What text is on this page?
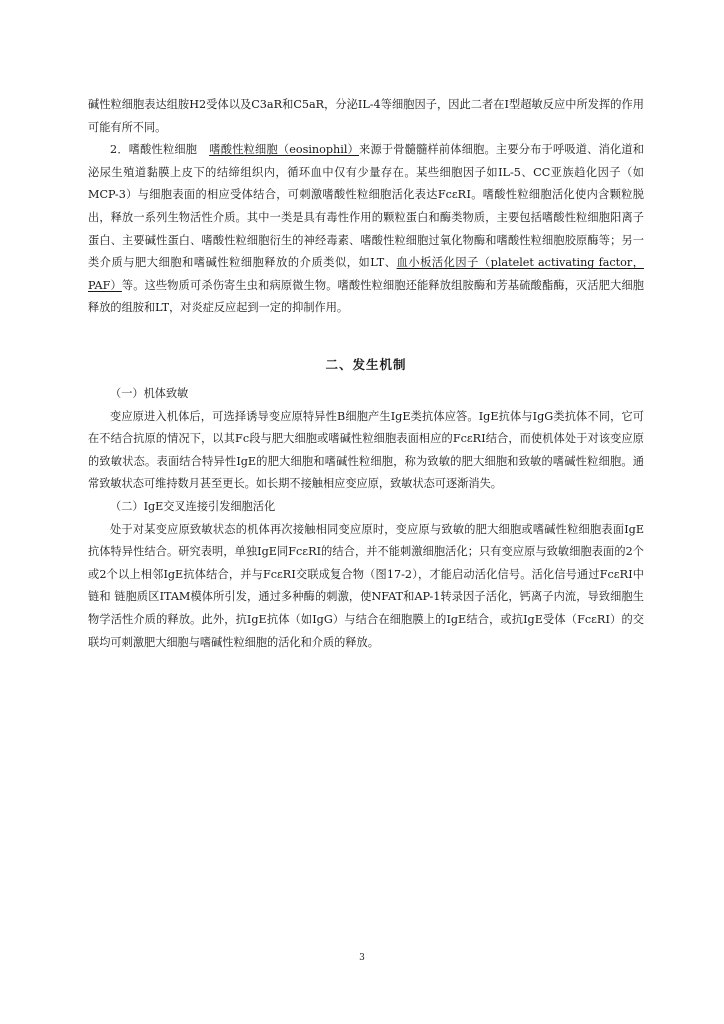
碱性粒细胞表达组胺H2受体以及C3aR和C5aR，分泌IL-4等细胞因子，因此二者在Ⅰ型超敏反应中所发挥的作用可能有所不同。

2．嗜酸性粒细胞 嗜酸性粒细胞（eosinophil）来源于骨髓髓样前体细胞。主要分布于呼吸道、消化道和泌尿生殖道黏膜上皮下的结缔组织内，循环血中仅有少量存在。某些细胞因子如IL-5、CC亚族趋化因子（如MCP-3）与细胞表面的相应受体结合，可刺激嗜酸性粒细胞活化表达FcεRⅠ。嗜酸性粒细胞活化使内含颗粒脱出，释放一系列生物活性介质。其中一类是具有毒性作用的颗粒蛋白和酶类物质，主要包括嗜酸性粒细胞阳离子蛋白、主要碱性蛋白、嗜酸性粒细胞衍生的神经毒素、嗜酸性粒细胞过氧化物酶和嗜酸性粒细胞胶原酶等；另一类介质与肥大细胞和嗜碱性粒细胞释放的介质类似，如LT、血小板活化因子（platelet activating factor，PAF）等。这些物质可杀伤寄生虫和病原微生物。嗜酸性粒细胞还能释放组胺酶和芳基硫酸酯酶，灭活肥大细胞释放的组胺和LT，对炎症反应起到一定的抑制作用。

二、发生机制

（一）机体致敏

变应原进入机体后，可选择诱导变应原特异性B细胞产生IgE类抗体应答。IgE抗体与IgG类抗体不同，它可在不结合抗原的情况下，以其Fc段与肥大细胞或嗜碱性粒细胞表面相应的FcεRⅠ结合，而使机体处于对该变应原的致敏状态。表面结合特异性IgE的肥大细胞和嗜碱性粒细胞，称为致敏的肥大细胞和致敏的嗜碱性粒细胞。通常致敏状态可维持数月甚至更长。如长期不接触相应变应原，致敏状态可逐渐消失。

（二）IgE交叉连接引发细胞活化

处于对某变应原致敏状态的机体再次接触相同变应原时，变应原与致敏的肥大细胞或嗜碱性粒细胞表面IgE抗体特异性结合。研究表明，单独IgE同FcεRⅠ的结合，并不能刺激细胞活化；只有变应原与致敏细胞表面的2个或2个以上相邻IgE抗体结合，并与FcεRⅠ交联成复合物（图17-2），才能启动活化信号。活化信号通过FcεRⅠ中 链和 链胞质区ITAM模体所引发，通过多种酶的刺激，使NFAT和AP-1转录因子活化，钙离子内流，导致细胞生物学活性介质的释放。此外，抗IgE抗体（如IgG）与结合在细胞膜上的IgE结合，或抗IgE受体（FcεRⅠ）的交联均可刺激肥大细胞与嗜碱性粒细胞的活化和介质的释放。

3
